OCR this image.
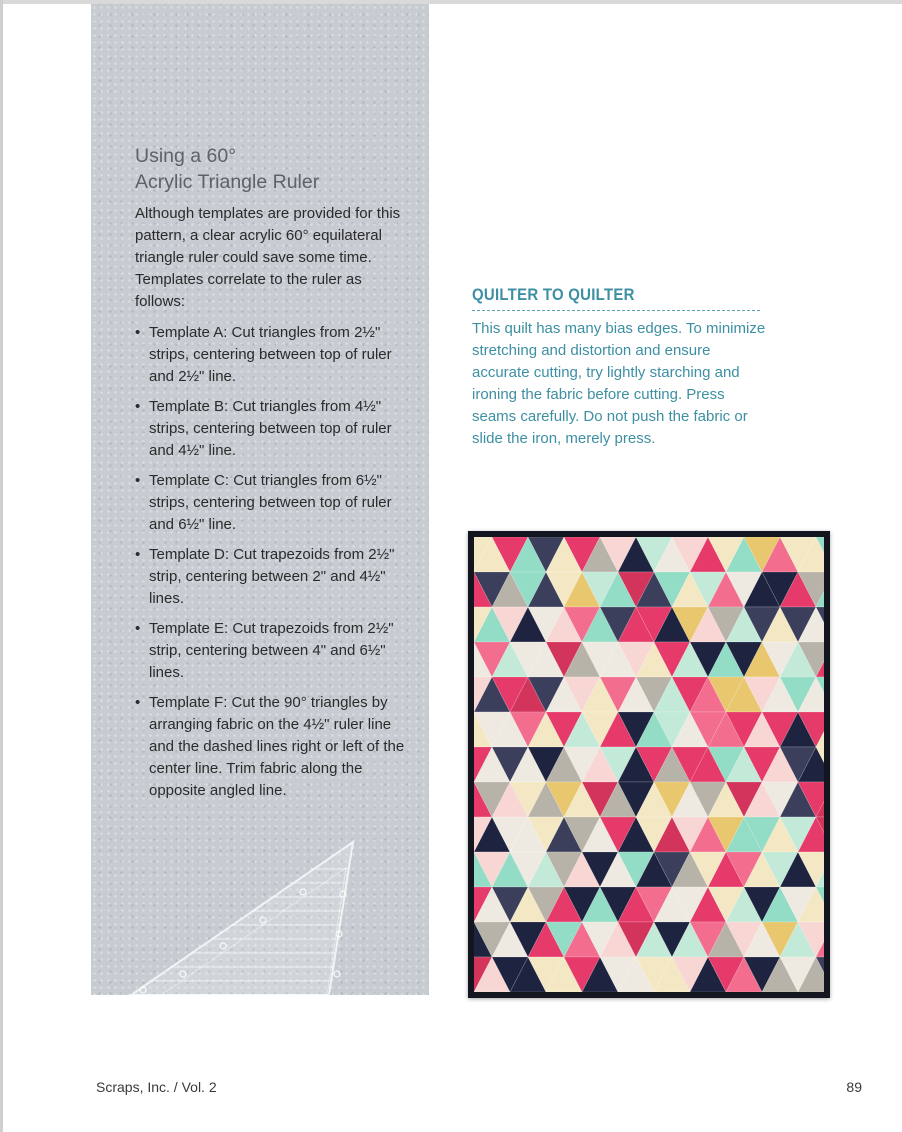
Using a 60°
Acrylic Triangle Ruler

Although templates are provided for this pattern, a clear acrylic 60° equilateral triangle ruler could save some time. Templates correlate to the ruler as follows:

• Template A: Cut triangles from 2½" strips, centering between top of ruler and 2½" line.
• Template B: Cut triangles from 4½" strips, centering between top of ruler and 4½" line.
• Template C: Cut triangles from 6½" strips, centering between top of ruler and 6½" line.
• Template D: Cut trapezoids from 2½" strip, centering between 2" and 4½" lines.
• Template E: Cut trapezoids from 2½" strip, centering between 4" and 6½" lines.
• Template F: Cut the 90° triangles by arranging fabric on the 4½" ruler line and the dashed lines right or left of the center line. Trim fabric along the opposite angled line.
QUILTER TO QUILTER

This quilt has many bias edges. To minimize stretching and distortion and ensure accurate cutting, try lightly starching and ironing the fabric before cutting. Press seams carefully. Do not push the fabric or slide the iron, merely press.

Scraps, Inc. / Vol. 2	89
